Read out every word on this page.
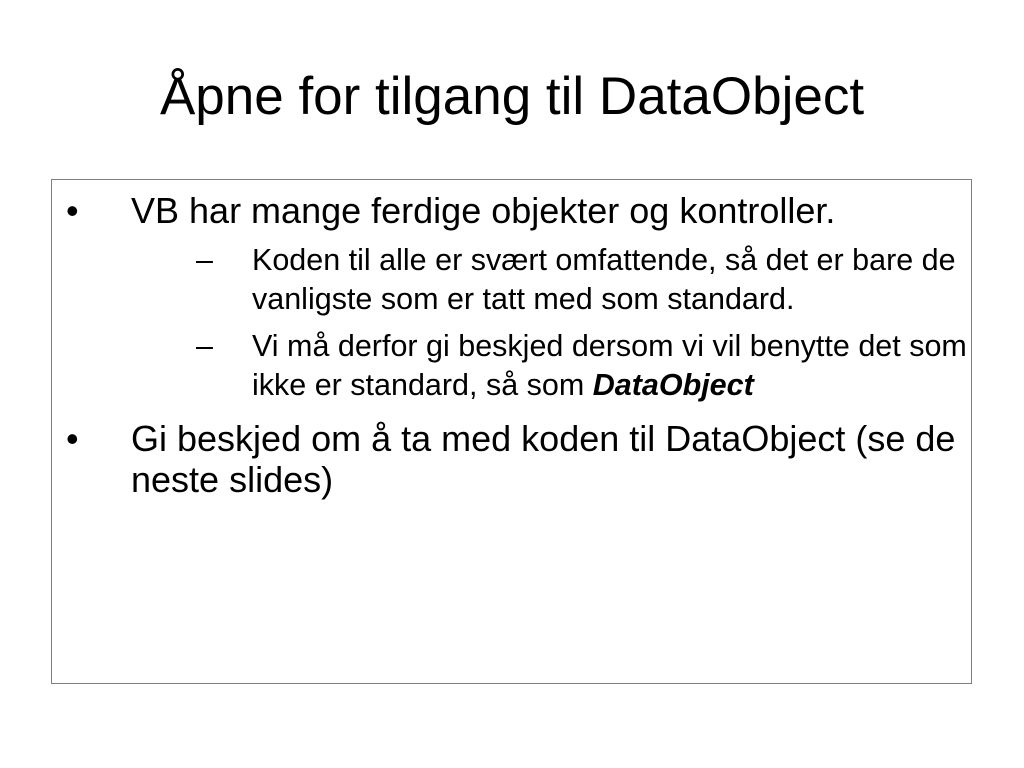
Åpne for tilgang til DataObject
• VB har mange ferdige objekter og kontroller.
– Koden til alle er svært omfattende, så det er bare de vanligste som er tatt med som standard.
– Vi må derfor gi beskjed dersom vi vil benytte det som ikke er standard, så som DataObject
• Gi beskjed om å ta med koden til DataObject (se de neste slides)
